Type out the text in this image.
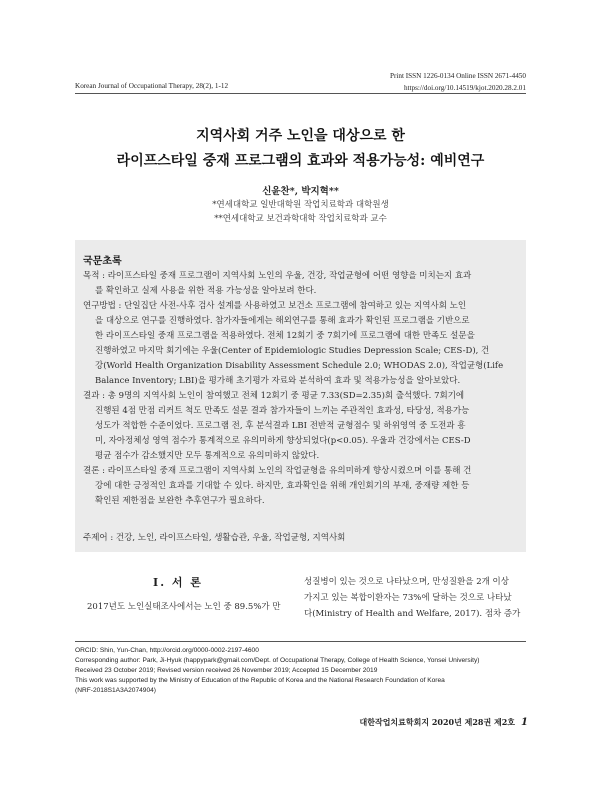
Korean Journal of Occupational Therapy, 28(2), 1-12
Print ISSN 1226-0134 Online ISSN 2671-4450
https://doi.org/10.14519/kjot.2020.28.2.01
지역사회 거주 노인을 대상으로 한
라이프스타일 중재 프로그램의 효과와 적용가능성: 예비연구
신윤찬*, 박지혁**
*연세대학교 일반대학원 작업치료학과 대학원생
**연세대학교 보건과학대학 작업치료학과 교수
국문초록
목적 : 라이프스타일 중재 프로그램이 지역사회 노인의 우울, 건강, 작업균형에 어떤 영향을 미치는지 효과
를 확인하고 실제 사용을 위한 적용 가능성을 알아보려 한다.
연구방법 : 단일집단 사전-사후 검사 설계를 사용하였고 보건소 프로그램에 참여하고 있는 지역사회 노인
을 대상으로 연구를 진행하였다. 참가자들에게는 해외연구를 통해 효과가 확인된 프로그램을 기반으로
한 라이프스타일 중재 프로그램을 적용하였다. 전체 12회기 중 7회기에 프로그램에 대한 만족도 설문을
진행하였고 마지막 회기에는 우울(Center of Epidemiologic Studies Depression Scale; CES-D), 건
강(World Health Organization Disability Assessment Schedule 2.0; WHODAS 2.0), 작업균형(Life
Balance Inventory; LBI)을 평가해 초기평가 자료와 분석하여 효과 및 적용가능성을 알아보았다.
결과 : 총 9명의 지역사회 노인이 참여했고 전체 12회기 중 평균 7.33(SD=2.35)회 출석했다. 7회기에
진행된 4점 만점 리커트 척도 만족도 설문 결과 참가자들이 느끼는 주관적인 효과성, 타당성, 적용가능
성도가 적합한 수준이었다. 프로그램 전, 후 분석결과 LBI 전반적 균형점수 및 하위영역 중 도전과 흥
미, 자아정체성 영역 점수가 통계적으로 유의미하게 향상되었다(p<0.05). 우울과 건강에서는 CES-D
평균 점수가 감소했지만 모두 통계적으로 유의미하지 않았다.
결론 : 라이프스타일 중재 프로그램이 지역사회 노인의 작업균형을 유의미하게 향상시켰으며 이를 통해 건
강에 대한 긍정적인 효과를 기대할 수 있다. 하지만, 효과확인을 위해 개인회기의 부재, 중재량 제한 등
확인된 제한점을 보완한 추후연구가 필요하다.
주제어 : 건강, 노인, 라이프스타일, 생활습관, 우울, 작업균형, 지역사회
Ⅰ. 서 론
2017년도 노인실태조사에서는 노인 중 89.5%가 만
성질병이 있는 것으로 나타났으며, 만성질환을 2개 이상
가지고 있는 복합이환자는 73%에 달하는 것으로 나타났
다(Ministry of Health and Welfare, 2017). 점차 증가
ORCID: Shin, Yun-Chan, http://orcid.org/0000-0002-2197-4600
Corresponding author: Park, Ji-Hyuk (happypark@gmail.com/Dept. of Occupational Therapy, College of Health Science, Yonsei University)
Received 23 October 2019; Revised version received 26 November 2019; Accepted 15 December 2019
This work was supported by the Ministry of Education of the Republic of Korea and the National Research Foundation of Korea
(NRF-2018S1A3A2074904)
대한작업치료학회지 2020년 제28권 제2호 1
